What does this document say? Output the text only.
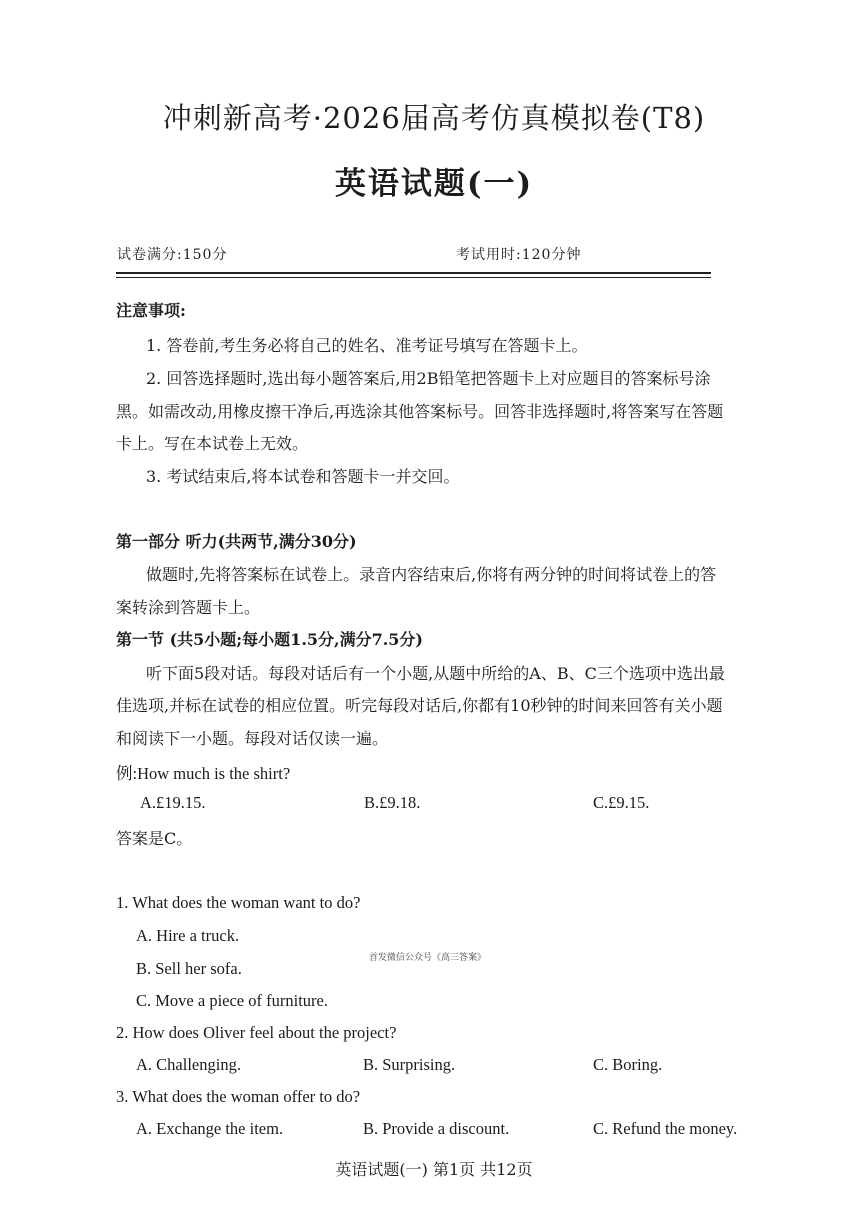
冲刺新高考·2026届高考仿真模拟卷(T8)
英语试题(一)
试卷满分:150分	考试用时:120分钟
注意事项:
1. 答卷前,考生务必将自己的姓名、准考证号填写在答题卡上。
2. 回答选择题时,选出每小题答案后,用2B铅笔把答题卡上对应题目的答案标号涂
黑。如需改动,用橡皮擦干净后,再选涂其他答案标号。回答非选择题时,将答案写在答题
卡上。写在本试卷上无效。
3. 考试结束后,将本试卷和答题卡一并交回。
第一部分 听力(共两节,满分30分)
做题时,先将答案标在试卷上。录音内容结束后,你将有两分钟的时间将试卷上的答
案转涂到答题卡上。
第一节 (共5小题;每小题1.5分,满分7.5分)
听下面5段对话。每段对话后有一个小题,从题中所给的A、B、C三个选项中选出最
佳选项,并标在试卷的相应位置。听完每段对话后,你都有10秒钟的时间来回答有关小题
和阅读下一小题。每段对话仅读一遍。
例:How much is the shirt?
A.£19.15.	B.£9.18.	C.£9.15.
答案是C。
1. What does the woman want to do?
A. Hire a truck.
B. Sell her sofa.
首发微信公众号《高三答案》
C. Move a piece of furniture.
2. How does Oliver feel about the project?
A. Challenging.	B. Surprising.	C. Boring.
3. What does the woman offer to do?
A. Exchange the item.	B. Provide a discount.	C. Refund the money.
英语试题(一) 第1页 共12页
